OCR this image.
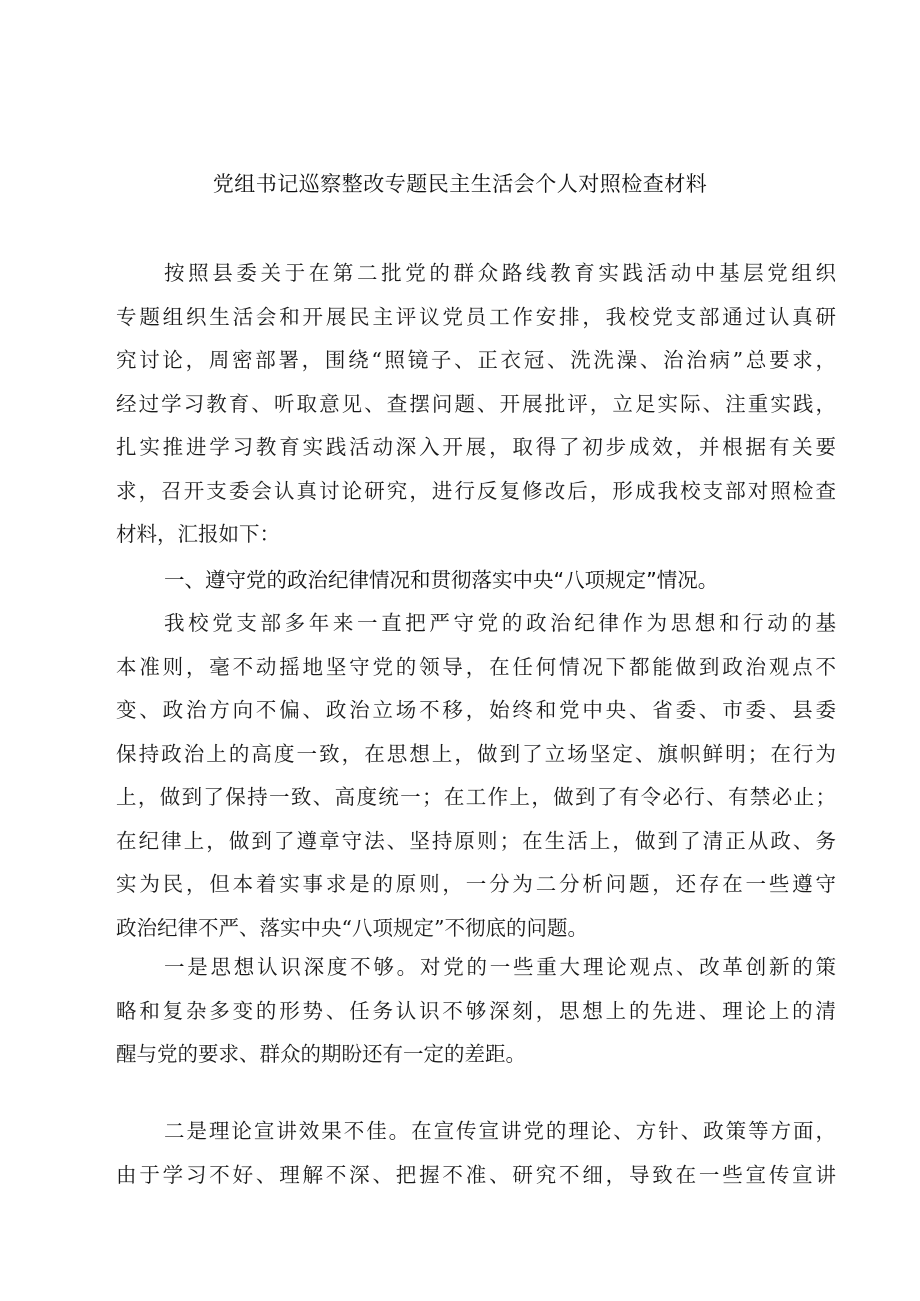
党组书记巡察整改专题民主生活会个人对照检查材料
按照县委关于在第二批党的群众路线教育实践活动中基层党组织
专题组织生活会和开展民主评议党员工作安排，我校党支部通过认真研
究讨论，周密部署，围绕“照镜子、正衣冠、洗洗澡、治治病”总要求，
经过学习教育、听取意见、查摆问题、开展批评，立足实际、注重实践，
扎实推进学习教育实践活动深入开展，取得了初步成效，并根据有关要
求，召开支委会认真讨论研究，进行反复修改后，形成我校支部对照检查
材料，汇报如下：
一、遵守党的政治纪律情况和贯彻落实中央“八项规定”情况。
我校党支部多年来一直把严守党的政治纪律作为思想和行动的基
本准则，毫不动摇地坚守党的领导，在任何情况下都能做到政治观点不
变、政治方向不偏、政治立场不移，始终和党中央、省委、市委、县委
保持政治上的高度一致，在思想上，做到了立场坚定、旗帜鲜明；在行为
上，做到了保持一致、高度统一；在工作上，做到了有令必行、有禁必止；
在纪律上，做到了遵章守法、坚持原则；在生活上，做到了清正从政、务
实为民，但本着实事求是的原则，一分为二分析问题，还存在一些遵守
政治纪律不严、落实中央“八项规定”不彻底的问题。
一是思想认识深度不够。对党的一些重大理论观点、改革创新的策
略和复杂多变的形势、任务认识不够深刻，思想上的先进、理论上的清
醒与党的要求、群众的期盼还有一定的差距。
二是理论宣讲效果不佳。在宣传宣讲党的理论、方针、政策等方面，
由于学习不好、理解不深、把握不准、研究不细，导致在一些宣传宣讲
